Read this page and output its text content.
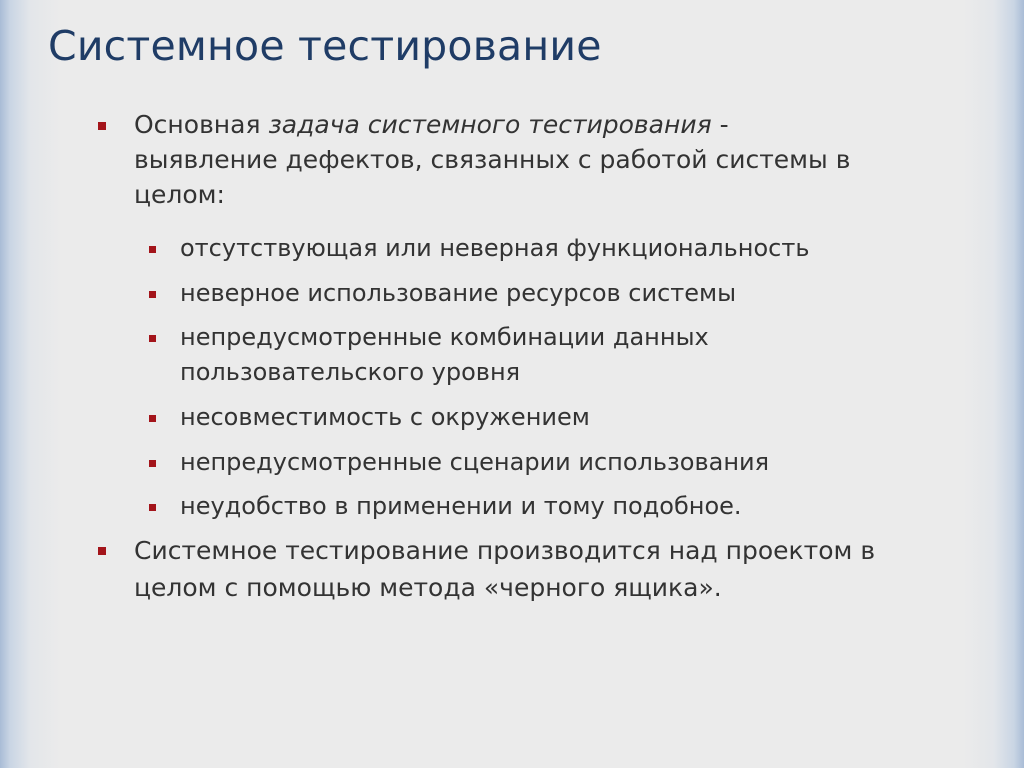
Системное тестирование
Основная задача системного тестирования -
выявление дефектов, связанных с работой системы в
целом:
отсутствующая или неверная функциональность
неверное использование ресурсов системы
непредусмотренные комбинации данных
пользовательского уровня
несовместимость с окружением
непредусмотренные сценарии использования
неудобство в применении и тому подобное.
Системное тестирование производится над проектом в
целом с помощью метода «черного ящика».
